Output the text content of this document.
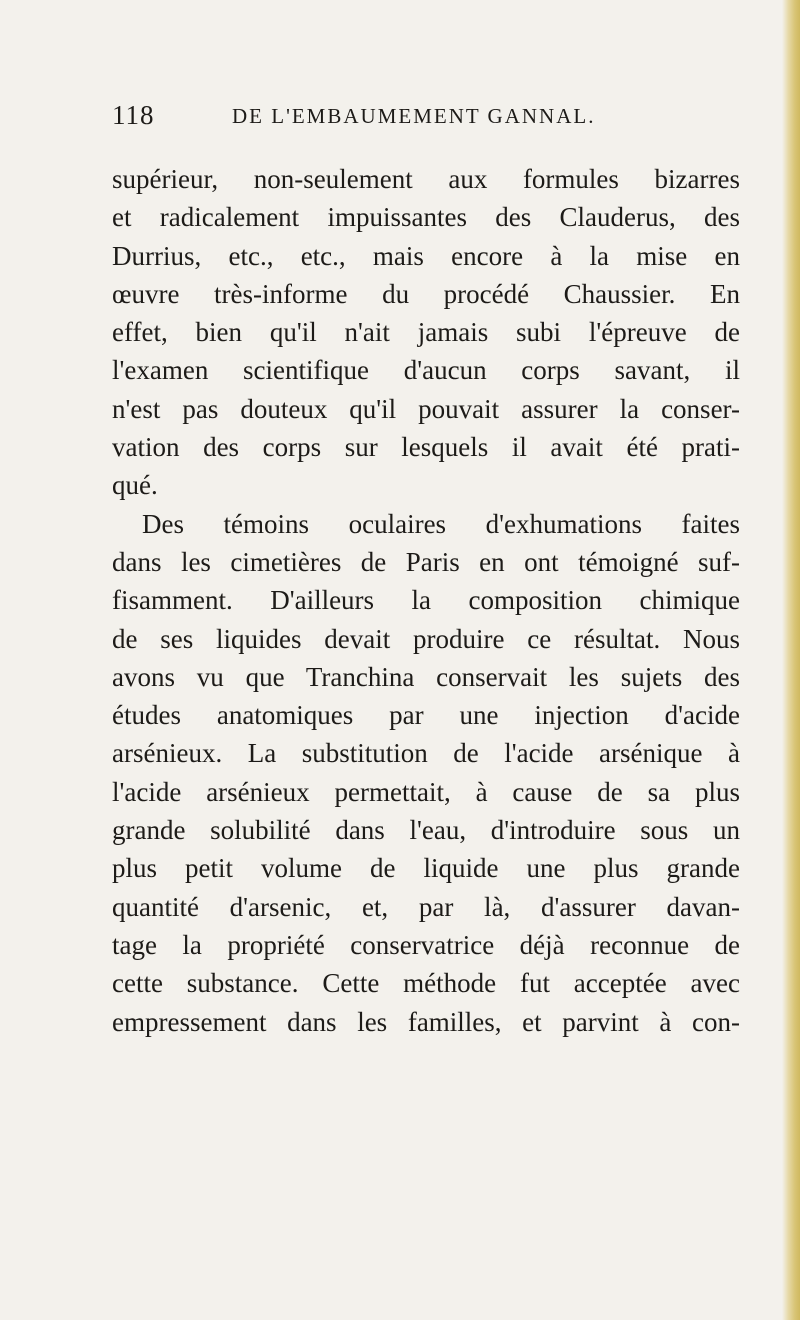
118	DE L'EMBAUMEMENT GANNAL.
supérieur, non-seulement aux formules bizarres
et radicalement impuissantes des Clauderus, des
Durrius, etc., etc., mais encore à la mise en
œuvre très-informe du procédé Chaussier. En
effet, bien qu'il n'ait jamais subi l'épreuve de
l'examen scientifique d'aucun corps savant, il
n'est pas douteux qu'il pouvait assurer la conser-
vation des corps sur lesquels il avait été prati-
qué.
Des témoins oculaires d'exhumations faites
dans les cimetières de Paris en ont témoigné suf-
fisamment. D'ailleurs la composition chimique
de ses liquides devait produire ce résultat. Nous
avons vu que Tranchina conservait les sujets des
études anatomiques par une injection d'acide
arsénieux. La substitution de l'acide arsénique à
l'acide arsénieux permettait, à cause de sa plus
grande solubilité dans l'eau, d'introduire sous un
plus petit volume de liquide une plus grande
quantité d'arsenic, et, par là, d'assurer davan-
tage la propriété conservatrice déjà reconnue de
cette substance. Cette méthode fut acceptée avec
empressement dans les familles, et parvint à con-
